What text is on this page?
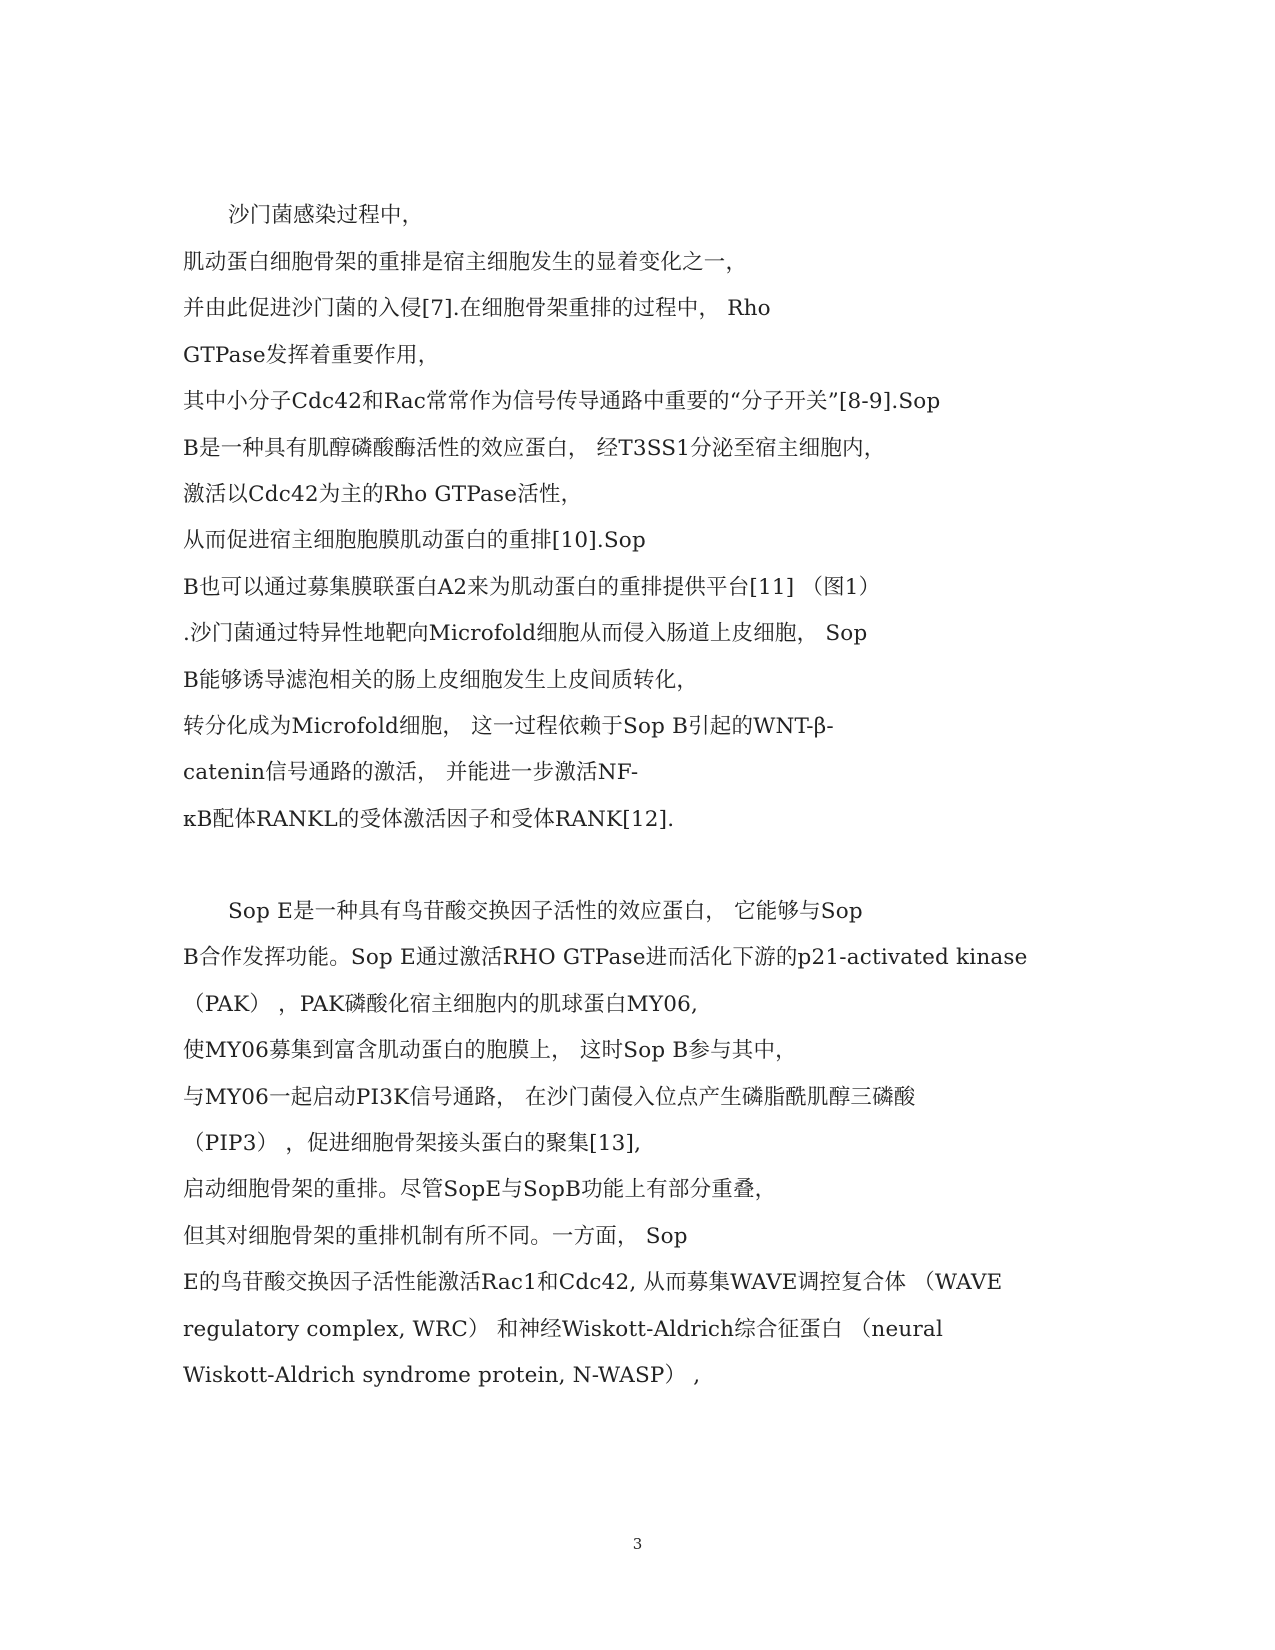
沙门菌感染过程中，
肌动蛋白细胞骨架的重排是宿主细胞发生的显着变化之一，
并由此促进沙门菌的入侵[7].在细胞骨架重排的过程中， Rho
GTPase发挥着重要作用，
其中小分子Cdc42和Rac常常作为信号传导通路中重要的“分子开关”[8-9].Sop
B是一种具有肌醇磷酸酶活性的效应蛋白， 经T3SS1分泌至宿主细胞内，
激活以Cdc42为主的Rho GTPase活性，
从而促进宿主细胞胞膜肌动蛋白的重排[10].Sop
B也可以通过募集膜联蛋白A2来为肌动蛋白的重排提供平台[11] （图1）
.沙门菌通过特异性地靶向Microfold细胞从而侵入肠道上皮细胞， Sop
B能够诱导滤泡相关的肠上皮细胞发生上皮间质转化，
转分化成为Microfold细胞， 这一过程依赖于Sop B引起的WNT-β-
catenin信号通路的激活， 并能进一步激活NF-
κB配体RANKL的受体激活因子和受体RANK[12].
Sop E是一种具有鸟苷酸交换因子活性的效应蛋白， 它能够与Sop
B合作发挥功能。Sop E通过激活RHO GTPase进而活化下游的p21-activated kinase
（PAK） ，PAK磷酸化宿主细胞内的肌球蛋白MY06,
使MY06募集到富含肌动蛋白的胞膜上， 这时Sop B参与其中，
与MY06一起启动PI3K信号通路， 在沙门菌侵入位点产生磷脂酰肌醇三磷酸
（PIP3） ，促进细胞骨架接头蛋白的聚集[13],
启动细胞骨架的重排。尽管SopE与SopB功能上有部分重叠，
但其对细胞骨架的重排机制有所不同。一方面， Sop
E的鸟苷酸交换因子活性能激活Rac1和Cdc42, 从而募集WAVE调控复合体 （WAVE
regulatory complex, WRC） 和神经Wiskott-Aldrich综合征蛋白 （neural
Wiskott-Aldrich syndrome protein, N-WASP） ,
3
